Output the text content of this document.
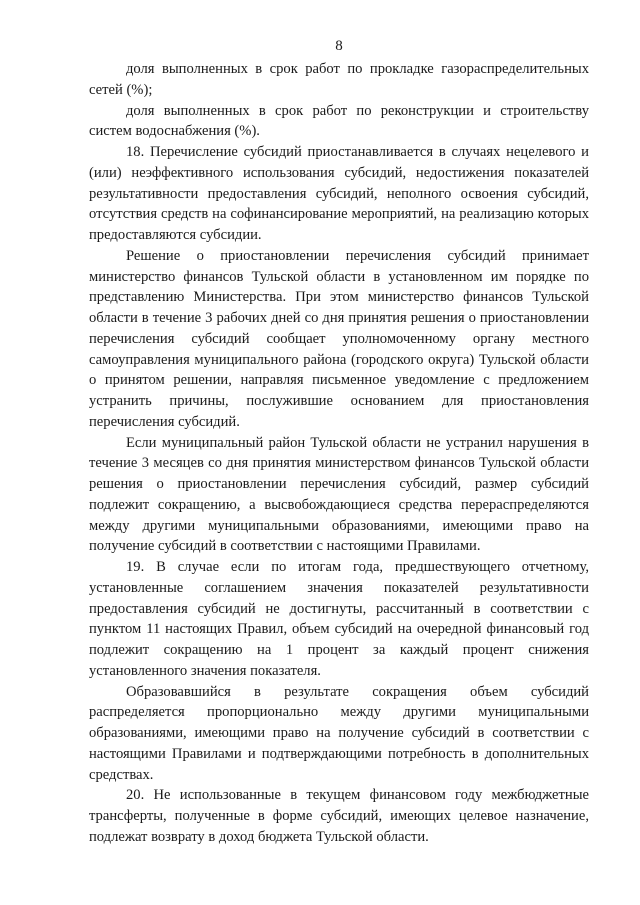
8

доля выполненных в срок работ по прокладке газораспределительных сетей (%);

доля выполненных в срок работ по реконструкции и строительству систем водоснабжения (%).

18. Перечисление субсидий приостанавливается в случаях нецелевого и (или) неэффективного использования субсидий, недостижения показателей результативности предоставления субсидий, неполного освоения субсидий, отсутствия средств на софинансирование мероприятий, на реализацию которых предоставляются субсидии.

Решение о приостановлении перечисления субсидий принимает министерство финансов Тульской области в установленном им порядке по представлению Министерства. При этом министерство финансов Тульской области в течение 3 рабочих дней со дня принятия решения о приостановлении перечисления субсидий сообщает уполномоченному органу местного самоуправления муниципального района (городского округа) Тульской области о принятом решении, направляя письменное уведомление с предложением устранить причины, послужившие основанием для приостановления перечисления субсидий.

Если муниципальный район Тульской области не устранил нарушения в течение 3 месяцев со дня принятия министерством финансов Тульской области решения о приостановлении перечисления субсидий, размер субсидий подлежит сокращению, а высвобождающиеся средства перераспределяются между другими муниципальными образованиями, имеющими право на получение субсидий в соответствии с настоящими Правилами.

19. В случае если по итогам года, предшествующего отчетному, установленные соглашением значения показателей результативности предоставления субсидий не достигнуты, рассчитанный в соответствии с пунктом 11 настоящих Правил, объем субсидий на очередной финансовый год подлежит сокращению на 1 процент за каждый процент снижения установленного значения показателя.

Образовавшийся в результате сокращения объем субсидий распределяется пропорционально между другими муниципальными образованиями, имеющими право на получение субсидий в соответствии с настоящими Правилами и подтверждающими потребность в дополнительных средствах.

20. Не использованные в текущем финансовом году межбюджетные трансферты, полученные в форме субсидий, имеющих целевое назначение, подлежат возврату в доход бюджета Тульской области.
